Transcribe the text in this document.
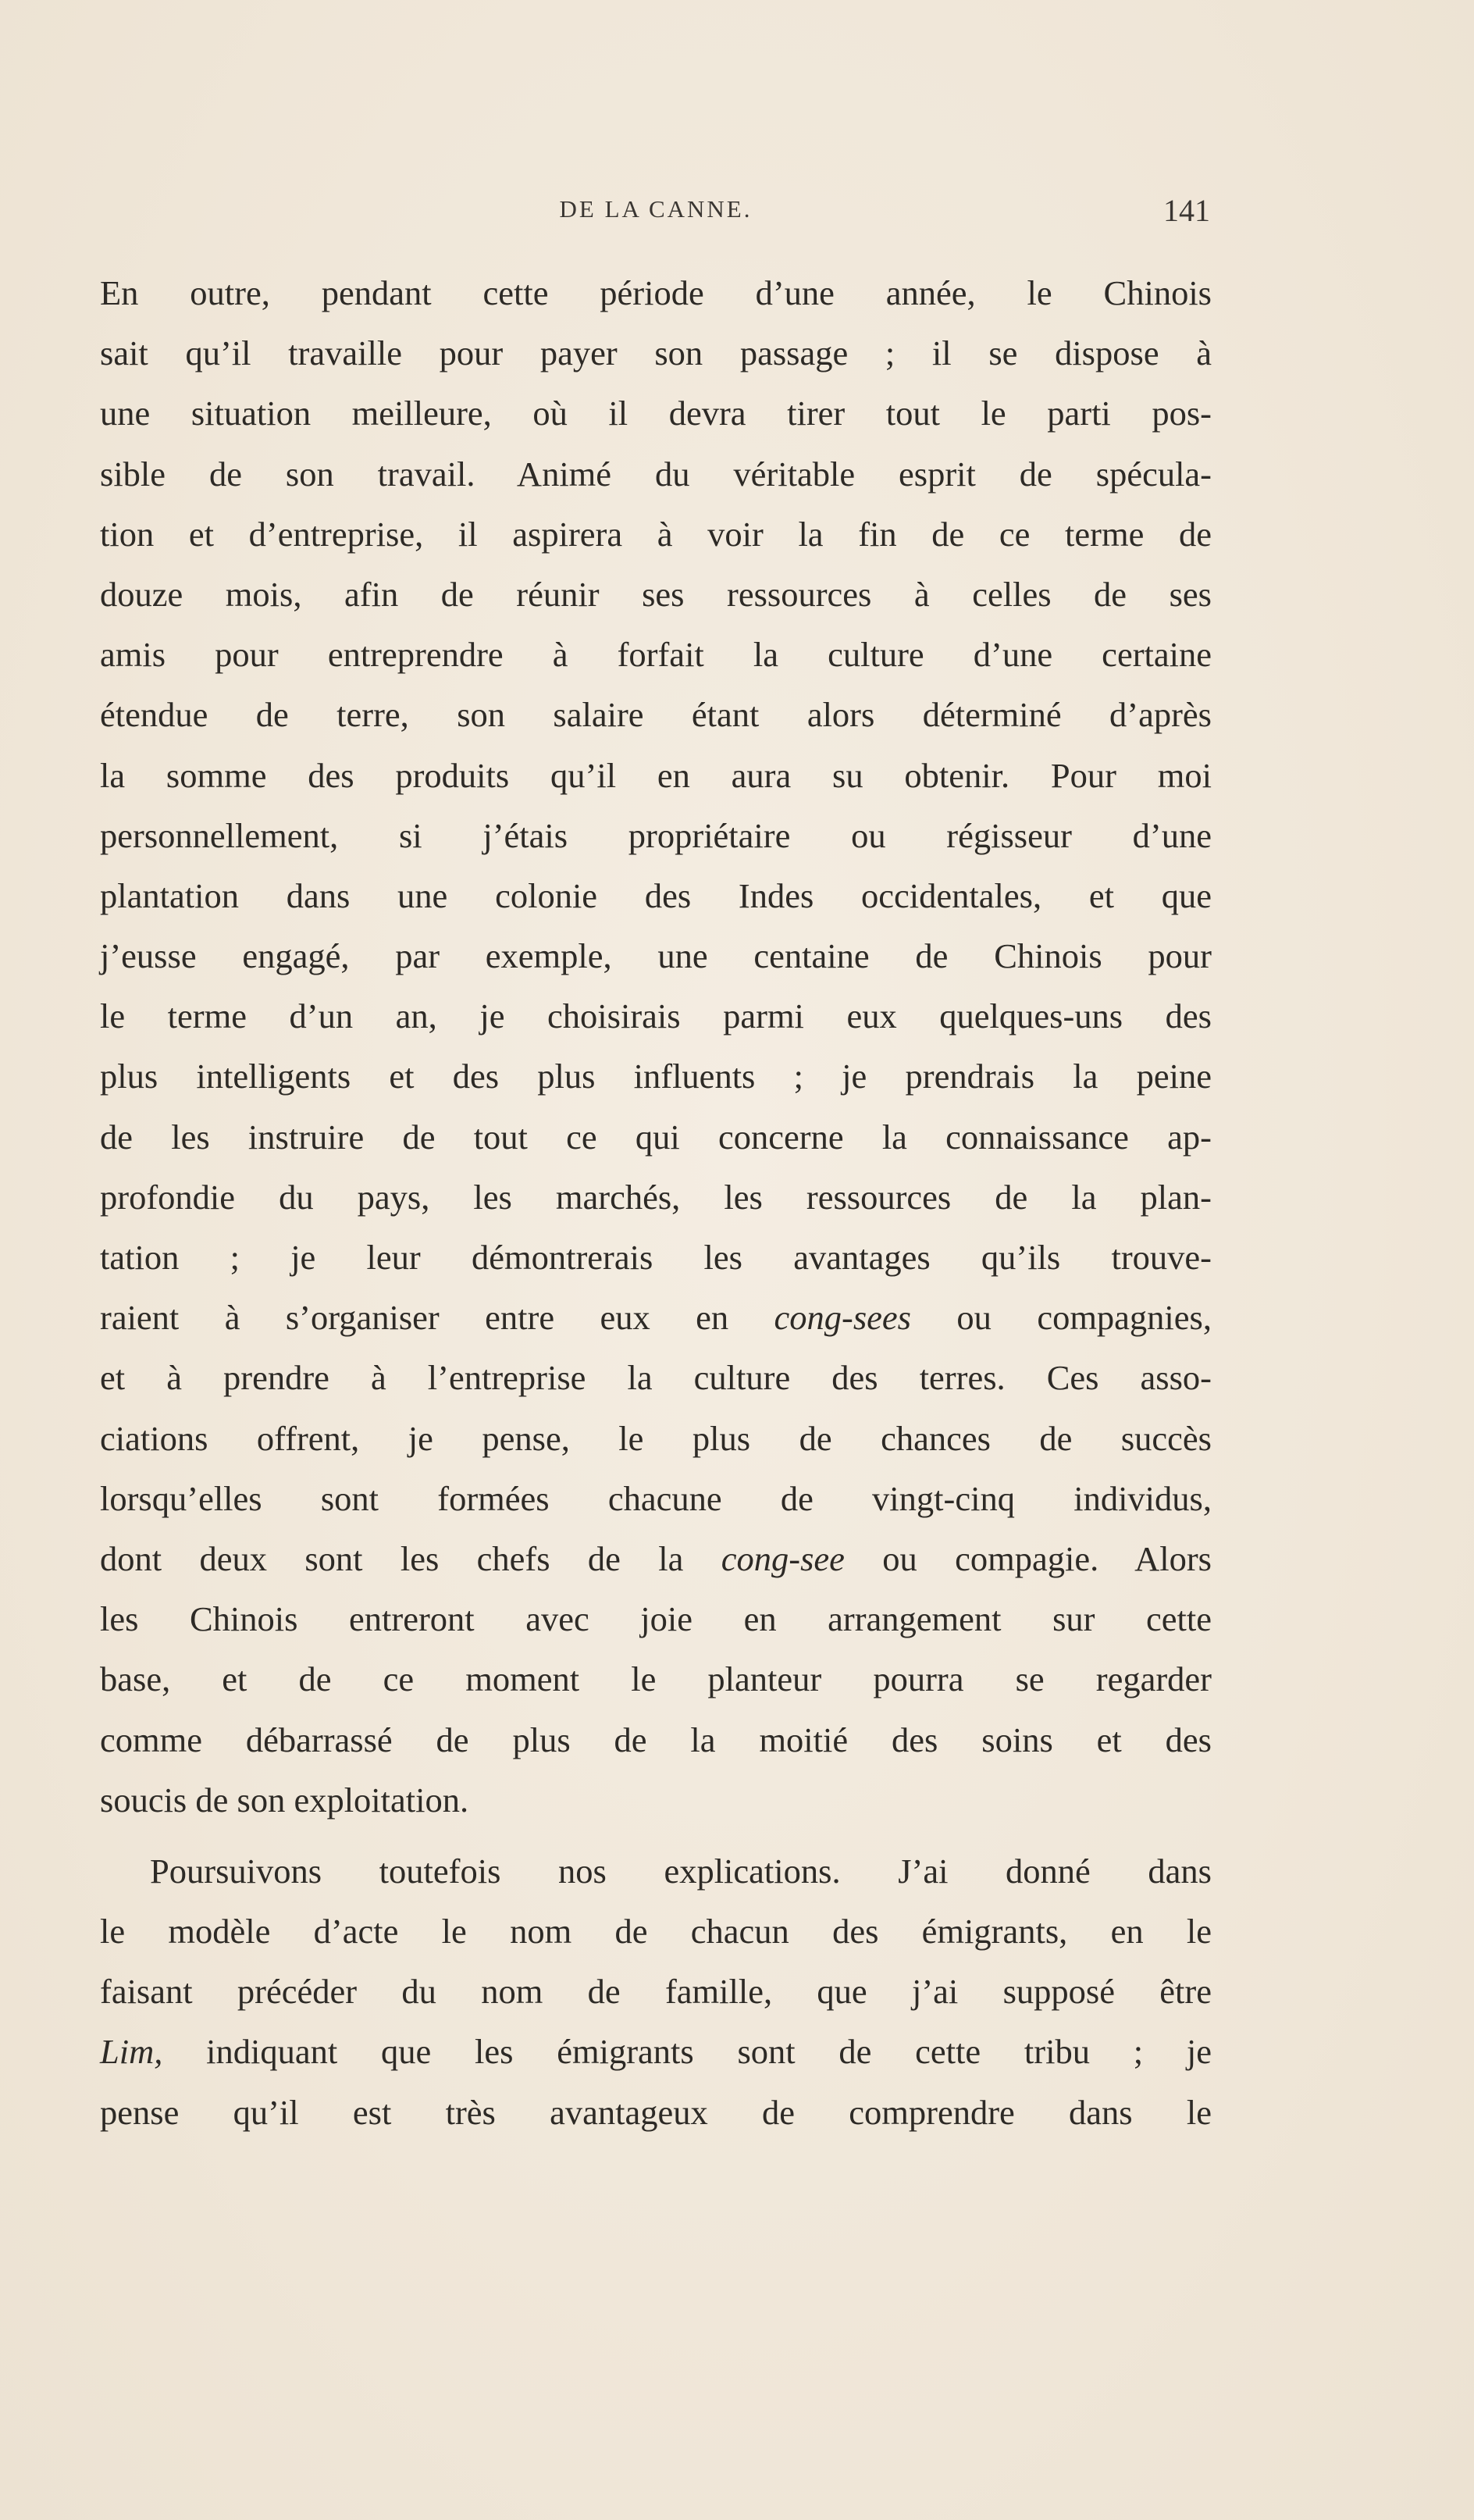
DE LA CANNE.	141
En outre, pendant cette période d’une année, le Chinois
sait qu’il travaille pour payer son passage ; il se dispose à
une situation meilleure, où il devra tirer tout le parti pos-
sible de son travail. Animé du véritable esprit de spécula-
tion et d’entreprise, il aspirera à voir la fin de ce terme de
douze mois, afin de réunir ses ressources à celles de ses
amis pour entreprendre à forfait la culture d’une certaine
étendue de terre, son salaire étant alors déterminé d’après
la somme des produits qu’il en aura su obtenir. Pour moi
personnellement, si j’étais propriétaire ou régisseur d’une
plantation dans une colonie des Indes occidentales, et que
j’eusse engagé, par exemple, une centaine de Chinois pour
le terme d’un an, je choisirais parmi eux quelques-uns des
plus intelligents et des plus influents ; je prendrais la peine
de les instruire de tout ce qui concerne la connaissance ap-
profondie du pays, les marchés, les ressources de la plan-
tation ; je leur démontrerais les avantages qu’ils trouve-
raient à s’organiser entre eux en cong-sees ou compagnies,
et à prendre à l’entreprise la culture des terres. Ces asso-
ciations offrent, je pense, le plus de chances de succès
lorsqu’elles sont formées chacune de vingt-cinq individus,
dont deux sont les chefs de la cong-see ou compagie. Alors
les Chinois entreront avec joie en arrangement sur cette
base, et de ce moment le planteur pourra se regarder
comme débarrassé de plus de la moitié des soins et des
soucis de son exploitation.
Poursuivons toutefois nos explications. J’ai donné dans
le modèle d’acte le nom de chacun des émigrants, en le
faisant précéder du nom de famille, que j’ai supposé être
Lim, indiquant que les émigrants sont de cette tribu ; je
pense qu’il est très avantageux de comprendre dans le
